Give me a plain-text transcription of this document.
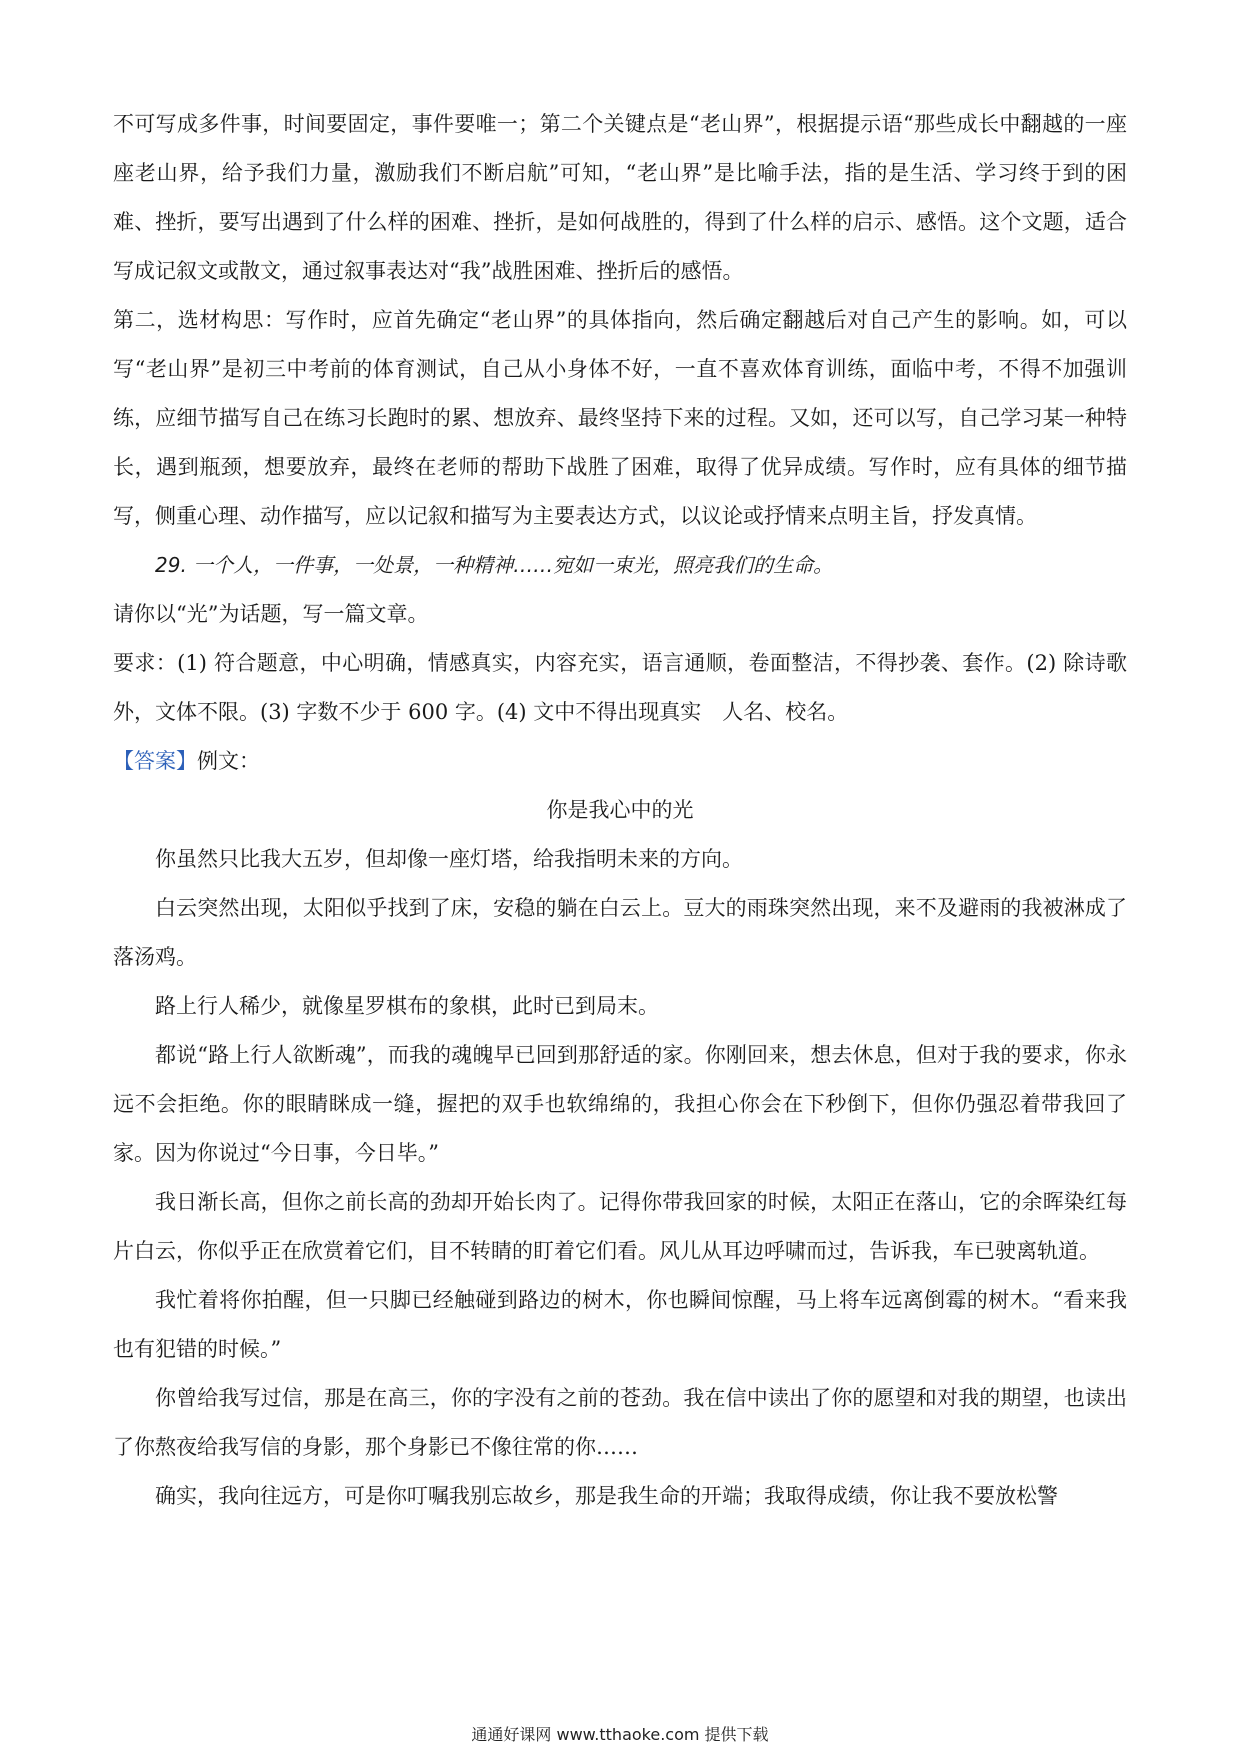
不可写成多件事，时间要固定，事件要唯一；第二个关键点是“老山界”，根据提示语“那些成长中翻越的一座座老山界，给予我们力量，激励我们不断启航”可知，“老山界”是比喻手法，指的是生活、学习终于到的困难、挫折，要写出遇到了什么样的困难、挫折，是如何战胜的，得到了什么样的启示、感悟。这个文题，适合写成记叙文或散文，通过叙事表达对“我”战胜困难、挫折后的感悟。

第二，选材构思：写作时，应首先确定“老山界”的具体指向，然后确定翻越后对自己产生的影响。如，可以写“老山界”是初三中考前的体育测试，自己从小身体不好，一直不喜欢体育训练，面临中考，不得不加强训练，应细节描写自己在练习长跑时的累、想放弃、最终坚持下来的过程。又如，还可以写，自己学习某一种特长，遇到瓶颈，想要放弃，最终在老师的帮助下战胜了困难，取得了优异成绩。写作时，应有具体的细节描写，侧重心理、动作描写，应以记叙和描写为主要表达方式，以议论或抒情来点明主旨，抒发真情。

29. 一个人，一件事，一处景，一种精神……宛如一束光，照亮我们的生命。

请你以“光”为话题，写一篇文章。

要求：(1) 符合题意，中心明确，情感真实，内容充实，语言通顺，卷面整洁，不得抄袭、套作。(2) 除诗歌外，文体不限。(3) 字数不少于 600 字。(4) 文中不得出现真实　人名、校名。

【答案】例文：

你是我心中的光

你虽然只比我大五岁，但却像一座灯塔，给我指明未来的方向。

白云突然出现，太阳似乎找到了床，安稳的躺在白云上。豆大的雨珠突然出现，来不及避雨的我被淋成了落汤鸡。

路上行人稀少，就像星罗棋布的象棋，此时已到局末。

都说“路上行人欲断魂”，而我的魂魄早已回到那舒适的家。你刚回来，想去休息，但对于我的要求，你永远不会拒绝。你的眼睛眯成一缝，握把的双手也软绵绵的，我担心你会在下秒倒下，但你仍强忍着带我回了家。因为你说过“今日事，今日毕。”

我日渐长高，但你之前长高的劲却开始长肉了。记得你带我回家的时候，太阳正在落山，它的余晖染红每片白云，你似乎正在欣赏着它们，目不转睛的盯着它们看。风儿从耳边呼啸而过，告诉我，车已驶离轨道。

我忙着将你拍醒，但一只脚已经触碰到路边的树木，你也瞬间惊醒，马上将车远离倒霉的树木。“看来我也有犯错的时候。”

你曾给我写过信，那是在高三，你的字没有之前的苍劲。我在信中读出了你的愿望和对我的期望，也读出了你熬夜给我写信的身影，那个身影已不像往常的你……

确实，我向往远方，可是你叮嘱我别忘故乡，那是我生命的开端；我取得成绩，你让我不要放松警

通通好课网 www.tthaoke.com 提供下载
